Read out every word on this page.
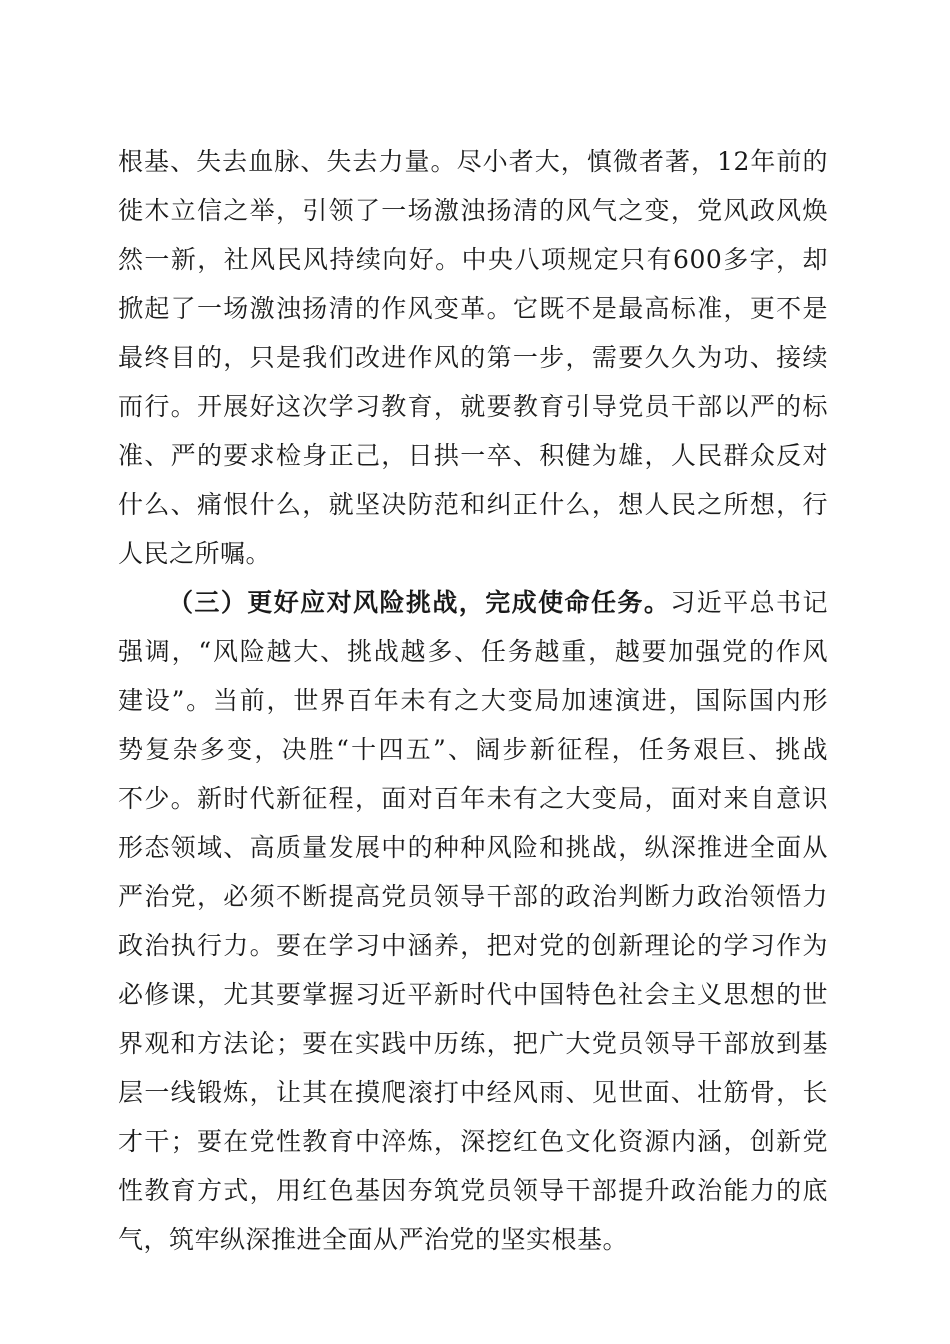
根基、失去血脉、失去力量。尽小者大，慎微者著，12年前的
徙木立信之举，引领了一场激浊扬清的风气之变，党风政风焕
然一新，社风民风持续向好。中央八项规定只有600多字，却
掀起了一场激浊扬清的作风变革。它既不是最高标准，更不是
最终目的，只是我们改进作风的第一步，需要久久为功、接续
而行。开展好这次学习教育，就要教育引导党员干部以严的标
准、严的要求检身正己，日拱一卒、积健为雄，人民群众反对
什么、痛恨什么，就坚决防范和纠正什么，想人民之所想，行
人民之所嘱。
（三）更好应对风险挑战，完成使命任务。习近平总书记
强调，“风险越大、挑战越多、任务越重，越要加强党的作风
建设”。当前，世界百年未有之大变局加速演进，国际国内形
势复杂多变，决胜“十四五”、阔步新征程，任务艰巨、挑战
不少。新时代新征程，面对百年未有之大变局，面对来自意识
形态领域、高质量发展中的种种风险和挑战，纵深推进全面从
严治党，必须不断提高党员领导干部的政治判断力政治领悟力
政治执行力。要在学习中涵养，把对党的创新理论的学习作为
必修课，尤其要掌握习近平新时代中国特色社会主义思想的世
界观和方法论；要在实践中历练，把广大党员领导干部放到基
层一线锻炼，让其在摸爬滚打中经风雨、见世面、壮筋骨，长
才干；要在党性教育中淬炼，深挖红色文化资源内涵，创新党
性教育方式，用红色基因夯筑党员领导干部提升政治能力的底
气，筑牢纵深推进全面从严治党的坚实根基。
